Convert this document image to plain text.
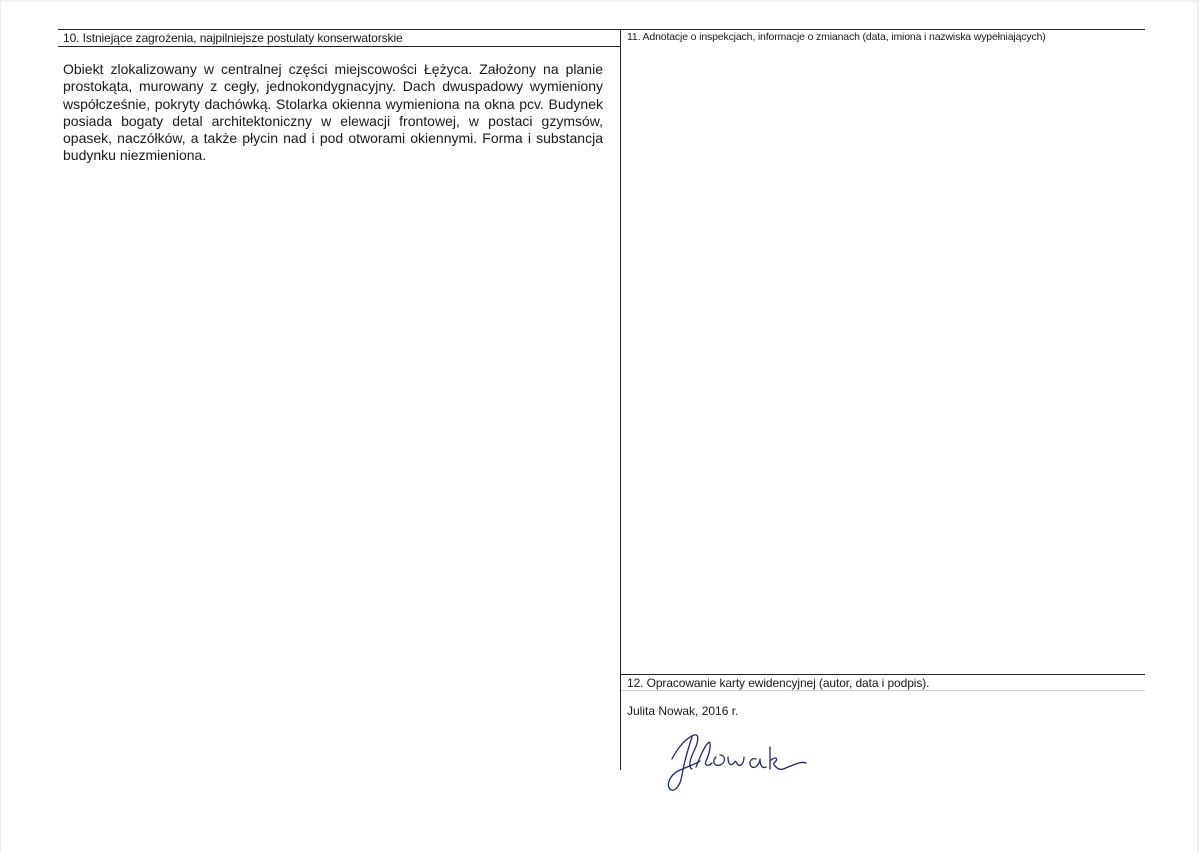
10. Istniejące zagrożenia, najpilniejsze postulaty konserwatorskie

Obiekt zlokalizowany w centralnej części miejscowości Łężyca. Założony na planie prostokąta, murowany z cegły, jednokondygnacyjny. Dach dwuspadowy wymieniony współcześnie, pokryty dachówką. Stolarka okienna wymieniona na okna pcv. Budynek posiada bogaty detal architektoniczny w elewacji frontowej, w postaci gzymsów, opasek, naczółków, a także płycin nad i pod otworami okiennymi. Forma i substancja budynku niezmieniona.

11. Adnotacje o inspekcjach, informacje o zmianach (data, imiona i nazwiska wypełniających)
12. Opracowanie karty ewidencyjnej (autor, data i podpis).
Julita Nowak, 2016 r.
